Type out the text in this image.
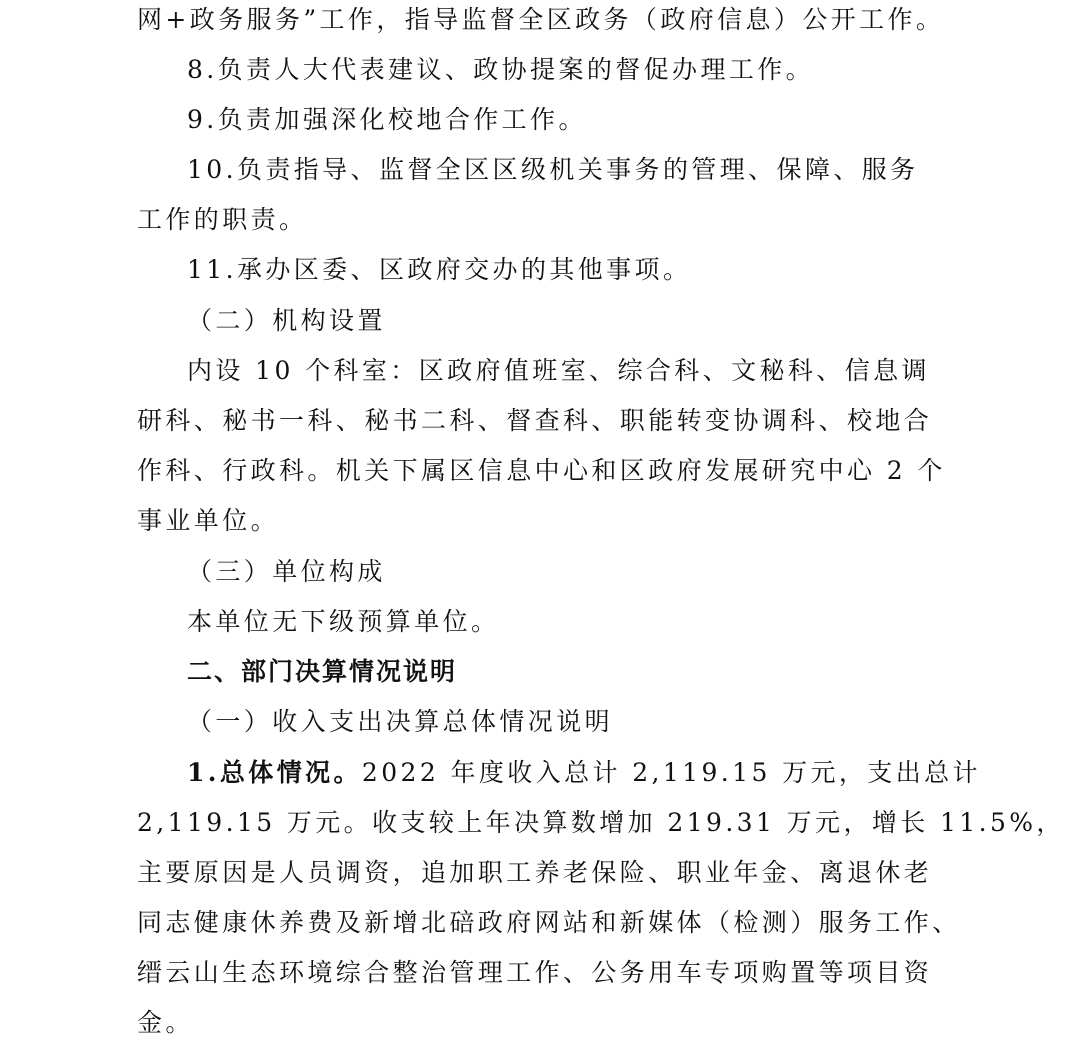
网+政务服务”工作，指导监督全区政务（政府信息）公开工作。
8.负责人大代表建议、政协提案的督促办理工作。
9.负责加强深化校地合作工作。
10.负责指导、监督全区区级机关事务的管理、保障、服务
工作的职责。
11.承办区委、区政府交办的其他事项。
（二）机构设置
内设 10 个科室：区政府值班室、综合科、文秘科、信息调
研科、秘书一科、秘书二科、督查科、职能转变协调科、校地合
作科、行政科。机关下属区信息中心和区政府发展研究中心 2 个
事业单位。
（三）单位构成
本单位无下级预算单位。
二、部门决算情况说明
（一）收入支出决算总体情况说明
1.总体情况。2022 年度收入总计 2,119.15 万元，支出总计
2,119.15 万元。收支较上年决算数增加 219.31 万元，增长 11.5%，
主要原因是人员调资，追加职工养老保险、职业年金、离退休老
同志健康休养费及新增北碚政府网站和新媒体（检测）服务工作、
缙云山生态环境综合整治管理工作、公务用车专项购置等项目资
金。
